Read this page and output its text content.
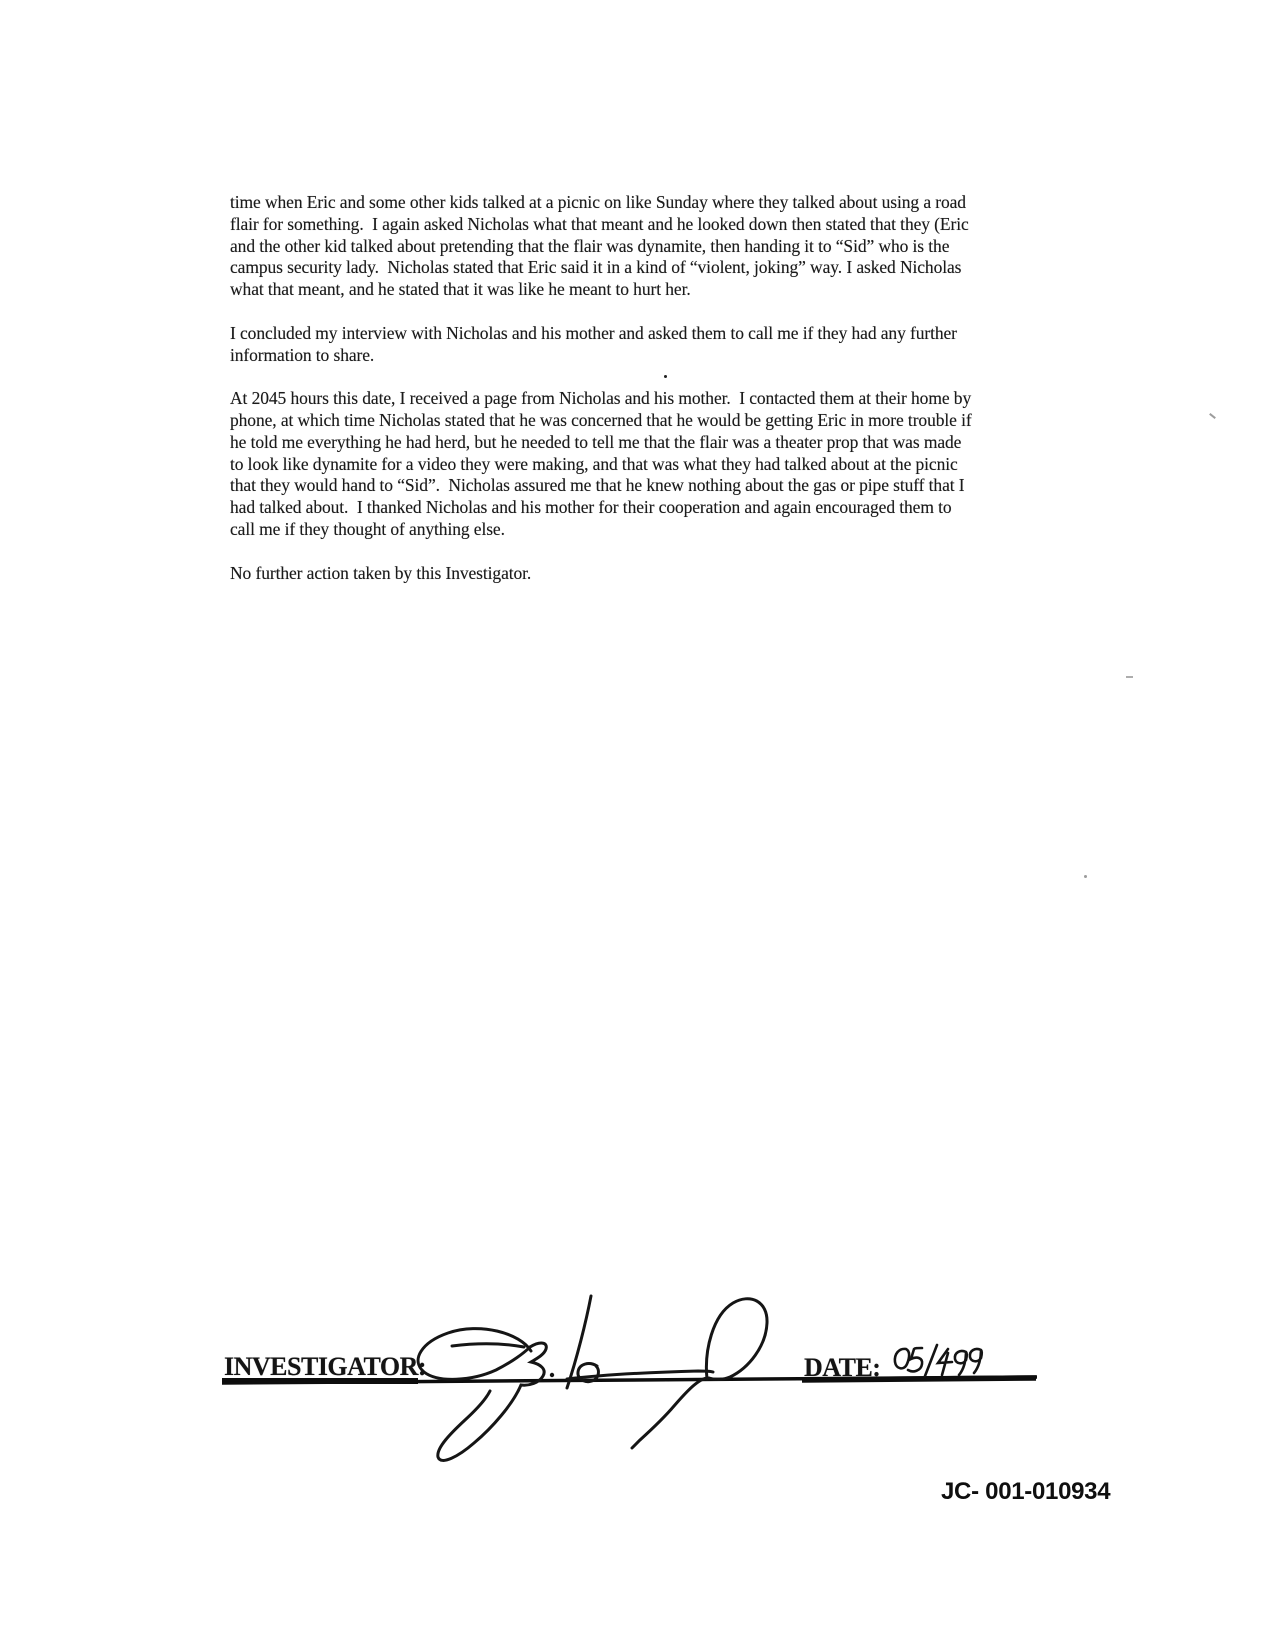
time when Eric and some other kids talked at a picnic on like Sunday where they talked about using a road
flair for something.  I again asked Nicholas what that meant and he looked down then stated that they (Eric
and the other kid talked about pretending that the flair was dynamite, then handing it to “Sid” who is the
campus security lady.  Nicholas stated that Eric said it in a kind of “violent, joking” way. I asked Nicholas
what that meant, and he stated that it was like he meant to hurt her.
I concluded my interview with Nicholas and his mother and asked them to call me if they had any further
information to share.
At 2045 hours this date, I received a page from Nicholas and his mother.  I contacted them at their home by
phone, at which time Nicholas stated that he was concerned that he would be getting Eric in more trouble if
he told me everything he had herd, but he needed to tell me that the flair was a theater prop that was made
to look like dynamite for a video they were making, and that was what they had talked about at the picnic
that they would hand to “Sid”.  Nicholas assured me that he knew nothing about the gas or pipe stuff that I
had talked about.  I thanked Nicholas and his mother for their cooperation and again encouraged them to
call me if they thought of anything else.
No further action taken by this Investigator.
INVESTIGATOR:	DATE:
JC- 001-010934
